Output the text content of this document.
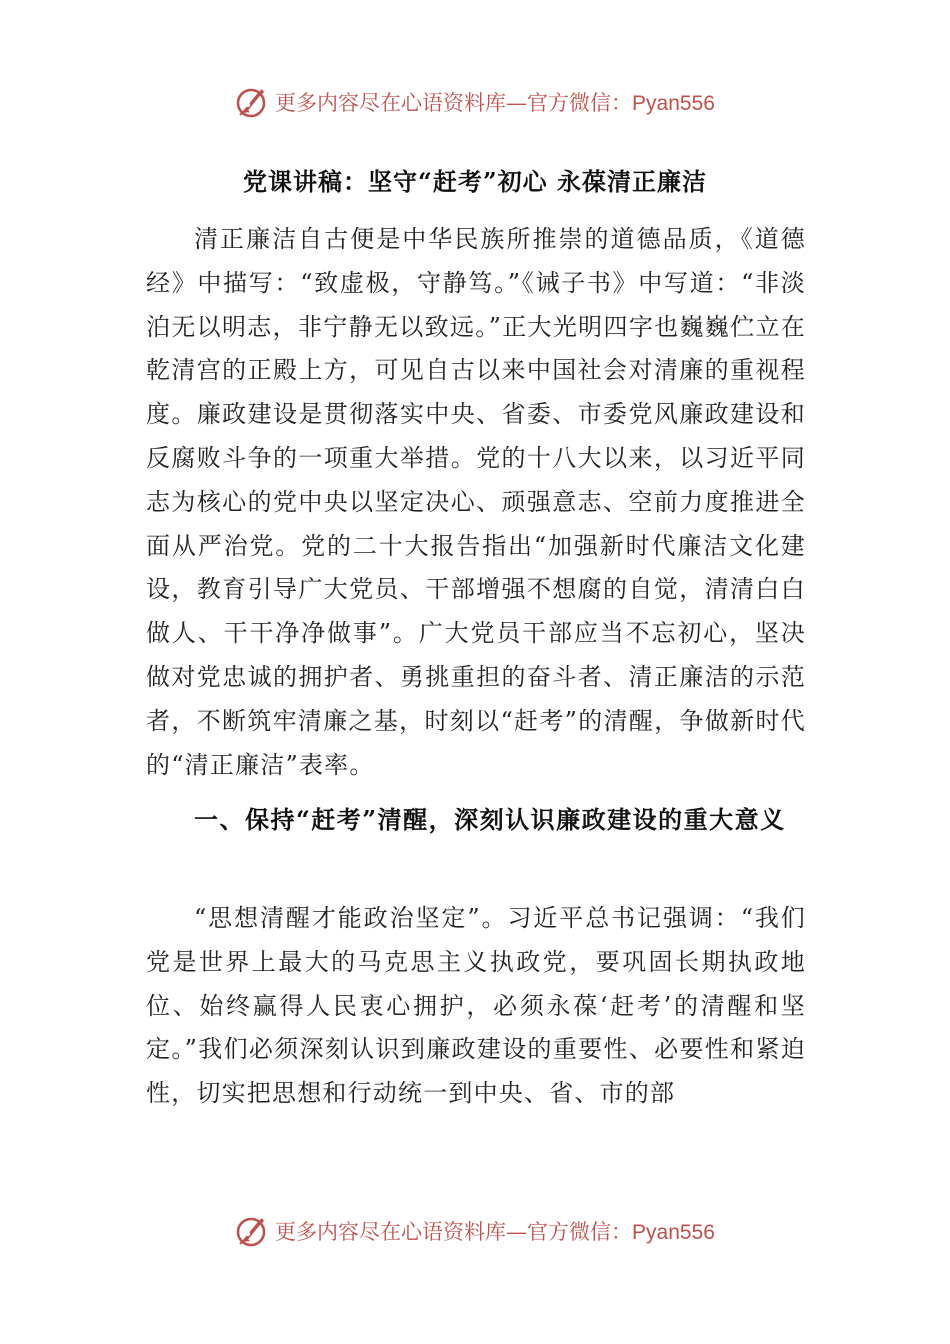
更多内容尽在心语资料库—官方微信：Pyan556
党课讲稿：坚守“赶考”初心 永葆清正廉洁

清正廉洁自古便是中华民族所推崇的道德品质，《道德经》中描写：“致虚极，守静笃。”《诫子书》中写道：“非淡泊无以明志，非宁静无以致远。”正大光明四字也巍巍伫立在乾清宫的正殿上方，可见自古以来中国社会对清廉的重视程度。廉政建设是贯彻落实中央、省委、市委党风廉政建设和反腐败斗争的一项重大举措。党的十八大以来，以习近平同志为核心的党中央以坚定决心、顽强意志、空前力度推进全面从严治党。党的二十大报告指出“加强新时代廉洁文化建设，教育引导广大党员、干部增强不想腐的自觉，清清白白做人、干干净净做事”。广大党员干部应当不忘初心，坚决做对党忠诚的拥护者、勇挑重担的奋斗者、清正廉洁的示范者，不断筑牢清廉之基，时刻以“赶考”的清醒，争做新时代的“清正廉洁”表率。

一、保持“赶考”清醒，深刻认识廉政建设的重大意义

“思想清醒才能政治坚定”。习近平总书记强调：“我们党是世界上最大的马克思主义执政党，要巩固长期执政地位、始终赢得人民衷心拥护，必须永葆‘赶考’的清醒和坚定。”我们必须深刻认识到廉政建设的重要性、必要性和紧迫性，切实把思想和行动统一到中央、省、市的部

更多内容尽在心语资料库—官方微信：Pyan556
